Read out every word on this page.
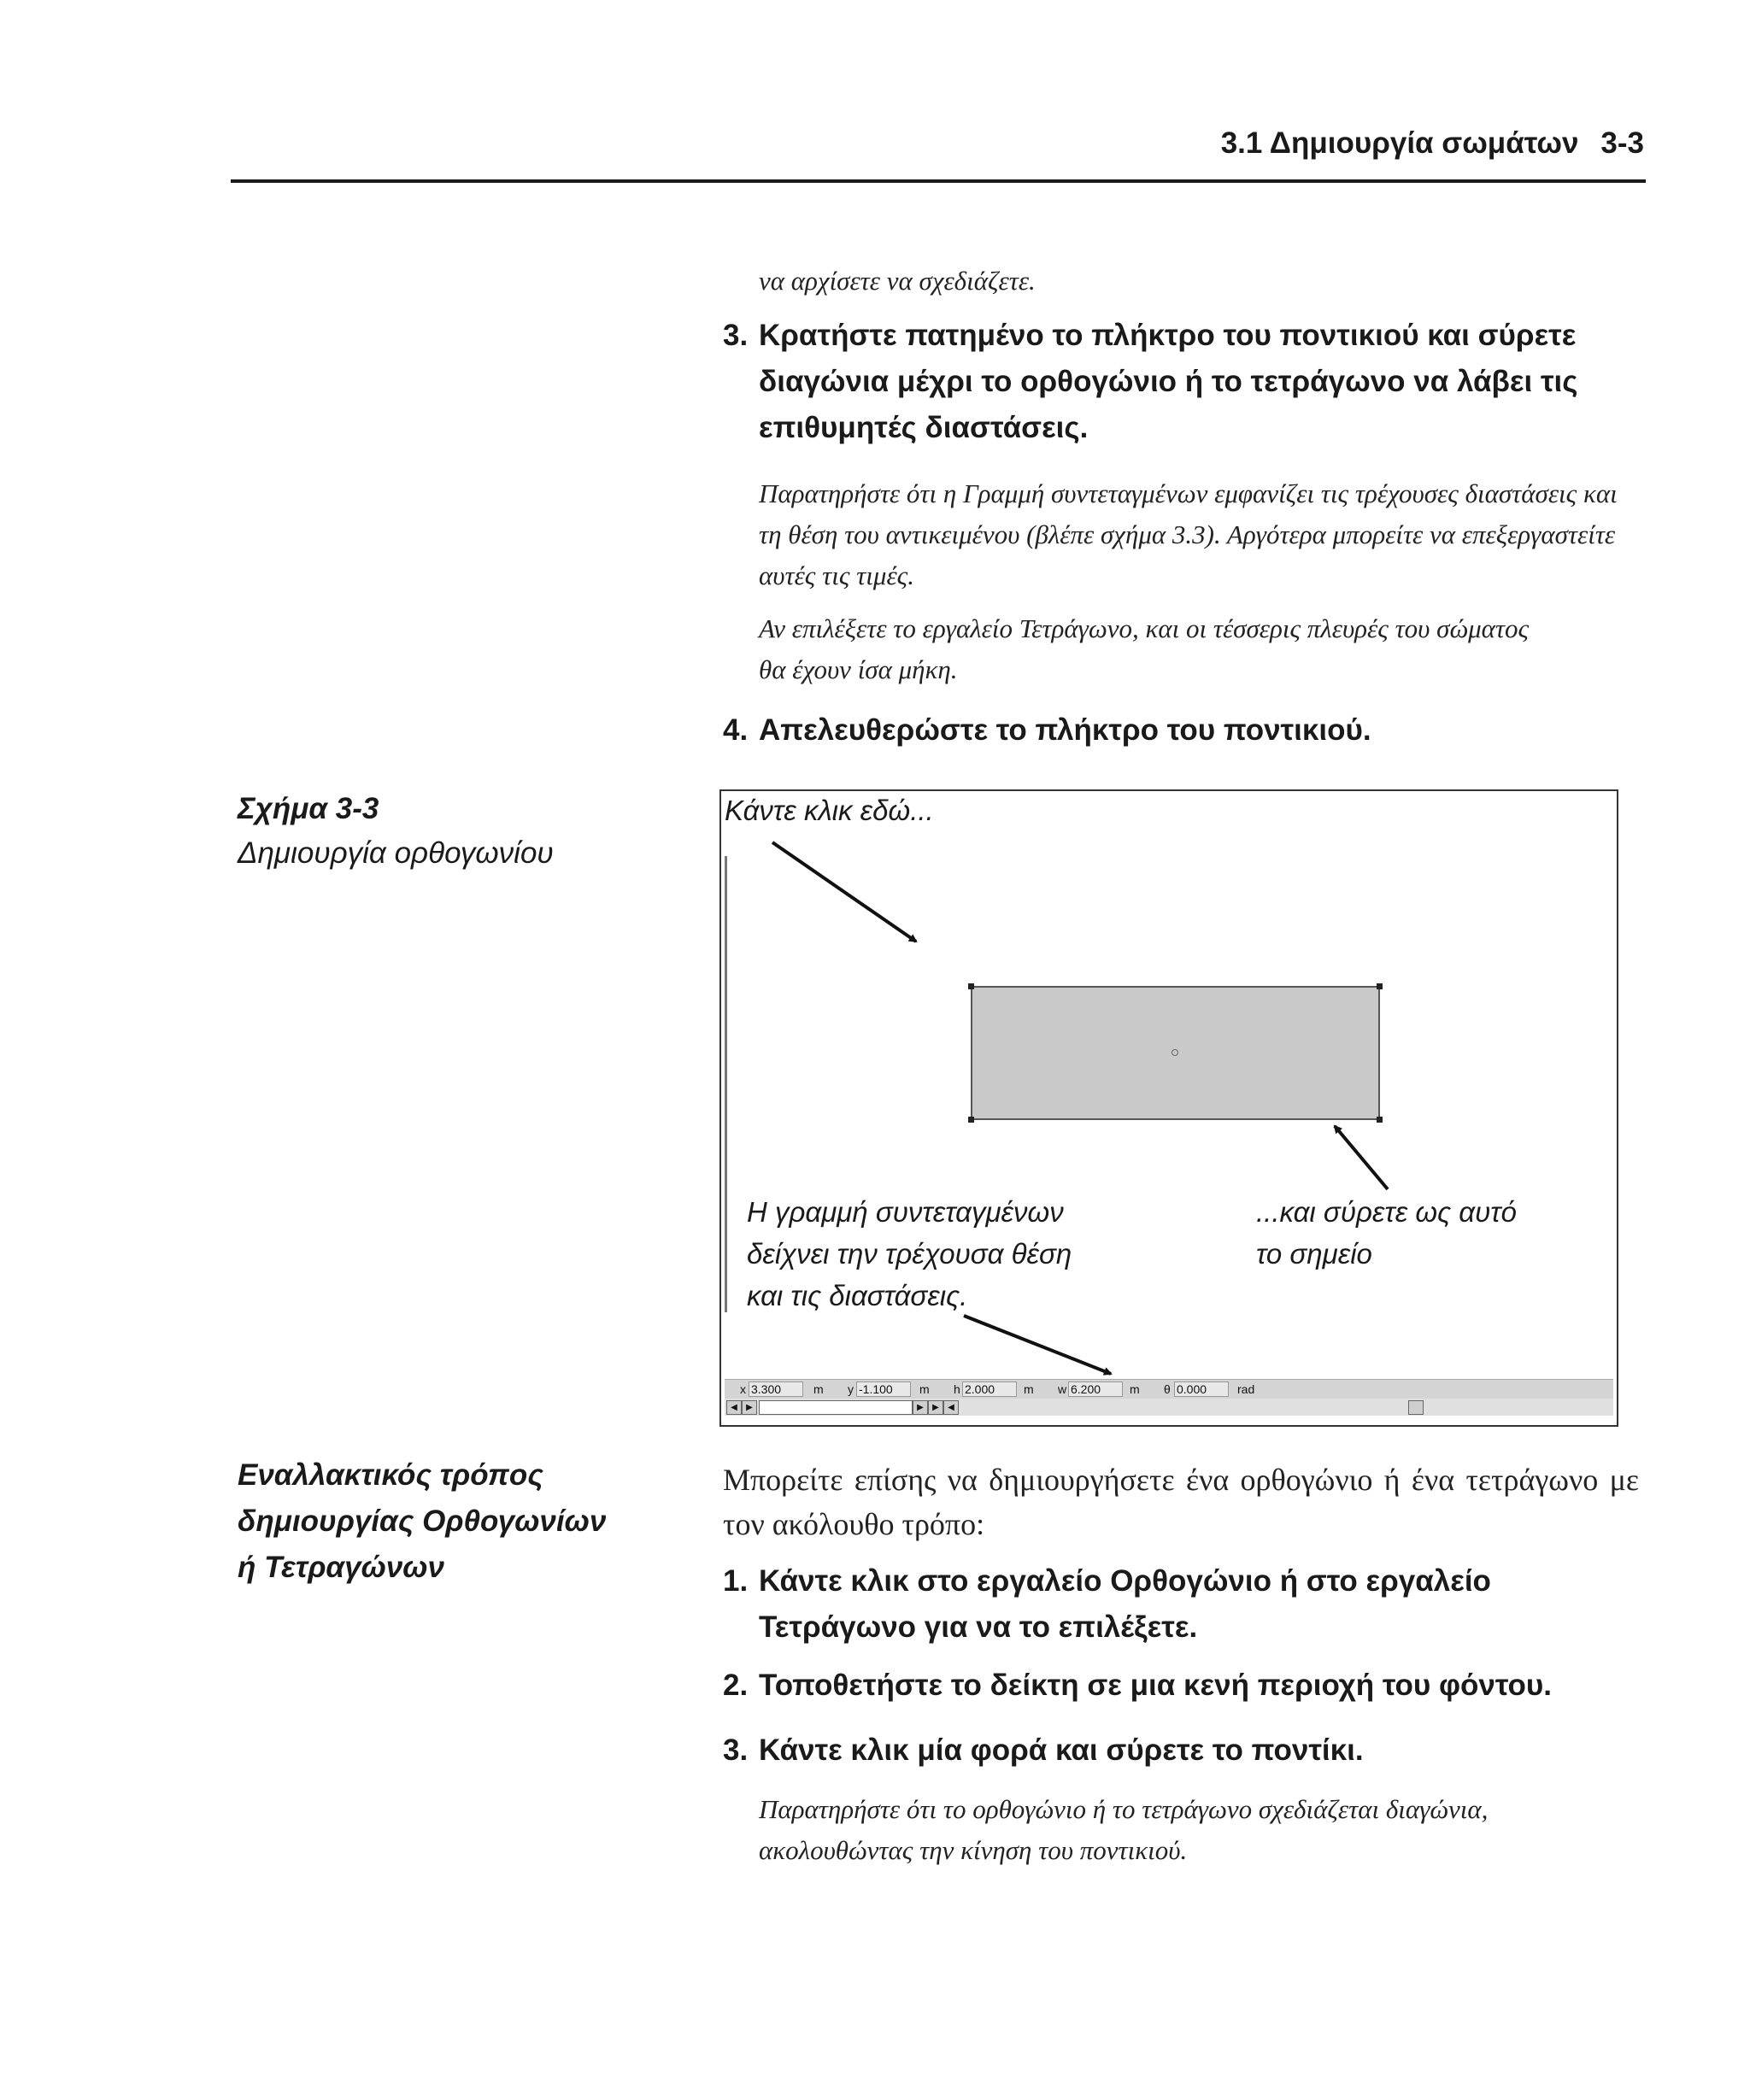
3.1 Δημιουργία σωμάτων 3-3
να αρχίσετε να σχεδιάζετε.
3. Κρατήστε πατημένο το πλήκτρο του ποντικιού και σύρετε διαγώνια μέχρι το ορθογώνιο ή το τετράγωνο να λάβει τις επιθυμητές διαστάσεις.
Παρατηρήστε ότι η Γραμμή συντεταγμένων εμφανίζει τις τρέχουσες διαστάσεις και τη θέση του αντικειμένου (βλέπε σχήμα 3.3). Αργότερα μπορείτε να επεξεργαστείτε αυτές τις τιμές.
Αν επιλέξετε το εργαλείο Τετράγωνο, και οι τέσσερις πλευρές του σώματος θα έχουν ίσα μήκη.
4. Απελευθερώστε το πλήκτρο του ποντικιού.
Σχήμα 3-3
Δημιουργία ορθογωνίου
Κάντε κλικ εδώ...
Η γραμμή συντεταγμένων
δείχνει την τρέχουσα θέση
και τις διαστάσεις.
...και σύρετε ως αυτό
το σημείο
x 3.300	m y -1.100	m h 2.000	m w 6.200	m θ 0.000	rad
◀	▶	▶	▶	◀
Εναλλακτικός τρόπος
δημιουργίας Ορθογωνίων
ή Τετραγώνων
Μπορείτε επίσης να δημιουργήσετε ένα ορθογώνιο ή ένα τετράγωνο με τον ακόλουθο τρόπο:
1. Κάντε κλικ στο εργαλείο Ορθογώνιο ή στο εργαλείο Τετράγωνο για να το επιλέξετε.
2. Τοποθετήστε το δείκτη σε μια κενή περιοχή του φόντου.
3. Κάντε κλικ μία φορά και σύρετε το ποντίκι.
Παρατηρήστε ότι το ορθογώνιο ή το τετράγωνο σχεδιάζεται διαγώνια, ακολουθώντας την κίνηση του ποντικιού.
